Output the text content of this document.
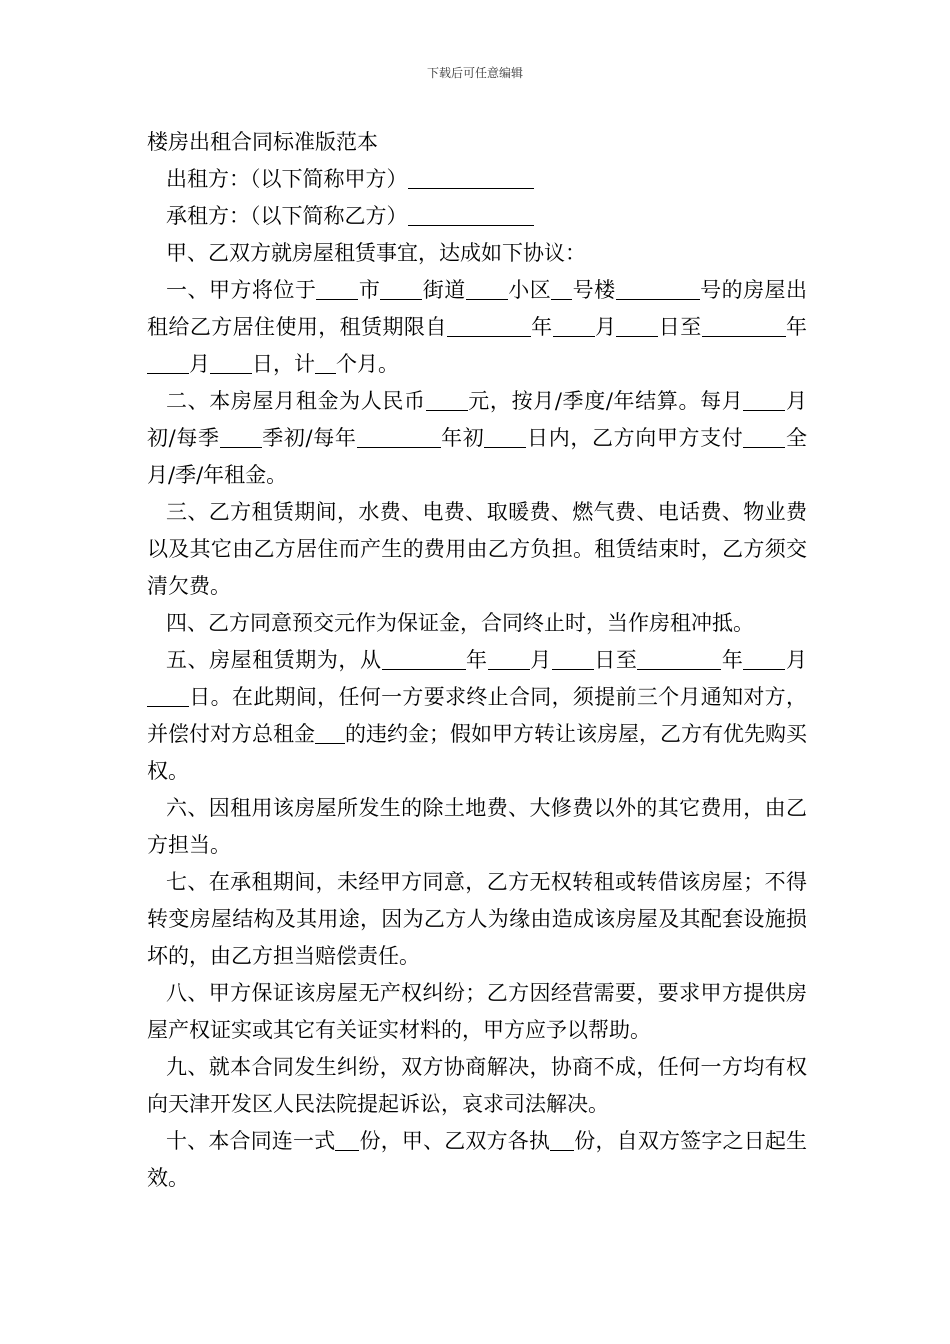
下载后可任意编辑

楼房出租合同标准版范本

出租方：（以下简称甲方）

承租方：（以下简称乙方）

甲、乙双方就房屋租赁事宜，达成如下协议：

一、甲方将位于 市 街道 小区 号楼	号的房屋出租给乙方居住使用，租赁期限自	年 月 日至	年月 日，计 个月。

二、本房屋月租金为人民币 元，按月/季度/年结算。每月 月初/每季 季初/每年	年初 日内，乙方向甲方支付 全月/季/年租金。

三、乙方租赁期间，水费、电费、取暖费、燃气费、电话费、物业费以及其它由乙方居住而产生的费用由乙方负担。租赁结束时，乙方须交清欠费。

四、乙方同意预交元作为保证金，合同终止时，当作房租冲抵。

五、房屋租赁期为，从	年 月 日至	年 月日。在此期间，任何一方要求终止合同，须提前三个月通知对方，并偿付对方总租金 的违约金；假如甲方转让该房屋，乙方有优先购买权。

六、因租用该房屋所发生的除土地费、大修费以外的其它费用，由乙方担当。

七、在承租期间，未经甲方同意，乙方无权转租或转借该房屋；不得转变房屋结构及其用途，因为乙方人为缘由造成该房屋及其配套设施损坏的，由乙方担当赔偿责任。

八、甲方保证该房屋无产权纠纷；乙方因经营需要，要求甲方提供房屋产权证实或其它有关证实材料的，甲方应予以帮助。

九、就本合同发生纠纷，双方协商解决，协商不成，任何一方均有权向天津开发区人民法院提起诉讼，哀求司法解决。

十、本合同连一式 份，甲、乙双方各执 份，自双方签字之日起生效。
